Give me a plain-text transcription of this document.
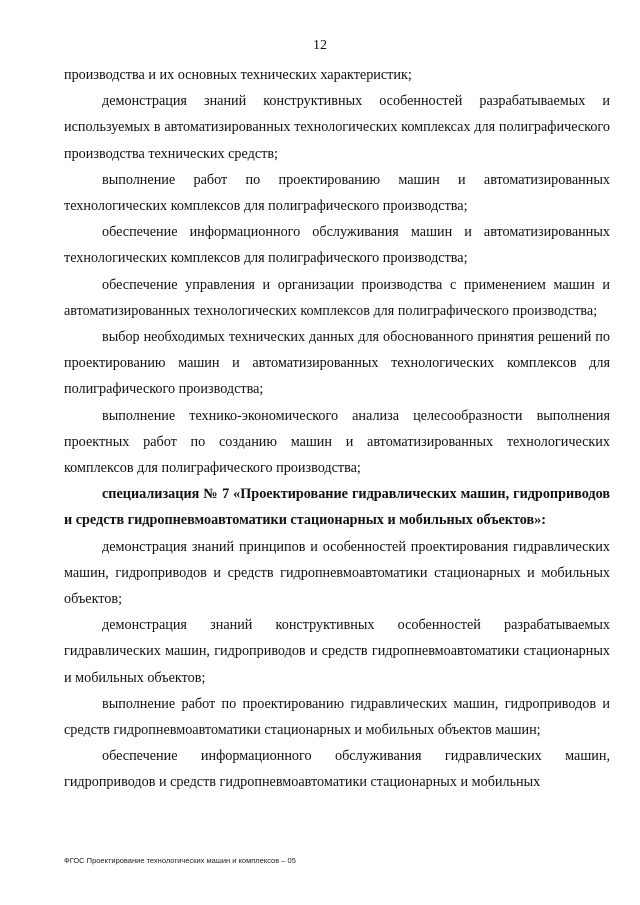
12

производства и их основных технических характеристик;

демонстрация знаний конструктивных особенностей разрабатываемых и используемых в автоматизированных технологических комплексах для полиграфического производства технических средств;

выполнение работ по проектированию машин и автоматизированных технологических комплексов для полиграфического производства;

обеспечение информационного обслуживания машин и автоматизированных технологических комплексов для полиграфического производства;

обеспечение управления и организации производства с применением машин и автоматизированных технологических комплексов для полиграфического производства;

выбор необходимых технических данных для обоснованного принятия решений по проектированию машин и автоматизированных технологических комплексов для полиграфического производства;

выполнение технико-экономического анализа целесообразности выполнения проектных работ по созданию машин и автоматизированных технологических комплексов для полиграфического производства;

специализация № 7 «Проектирование гидравлических машин, гидроприводов и средств гидропневмоавтоматики стационарных и мобильных объектов»:

демонстрация знаний принципов и особенностей проектирования гидравлических машин, гидроприводов и средств гидропневмоавтоматики стационарных и мобильных объектов;

демонстрация знаний конструктивных особенностей разрабатываемых гидравлических машин, гидроприводов и средств гидропневмоавтоматики стационарных и мобильных объектов;

выполнение работ по проектированию гидравлических машин, гидроприводов и средств гидропневмоавтоматики стационарных и мобильных объектов машин;

обеспечение информационного обслуживания гидравлических машин, гидроприводов и средств гидропневмоавтоматики стационарных и мобильных

ФГОС Проектирование технологических машин и комплексов – 05
